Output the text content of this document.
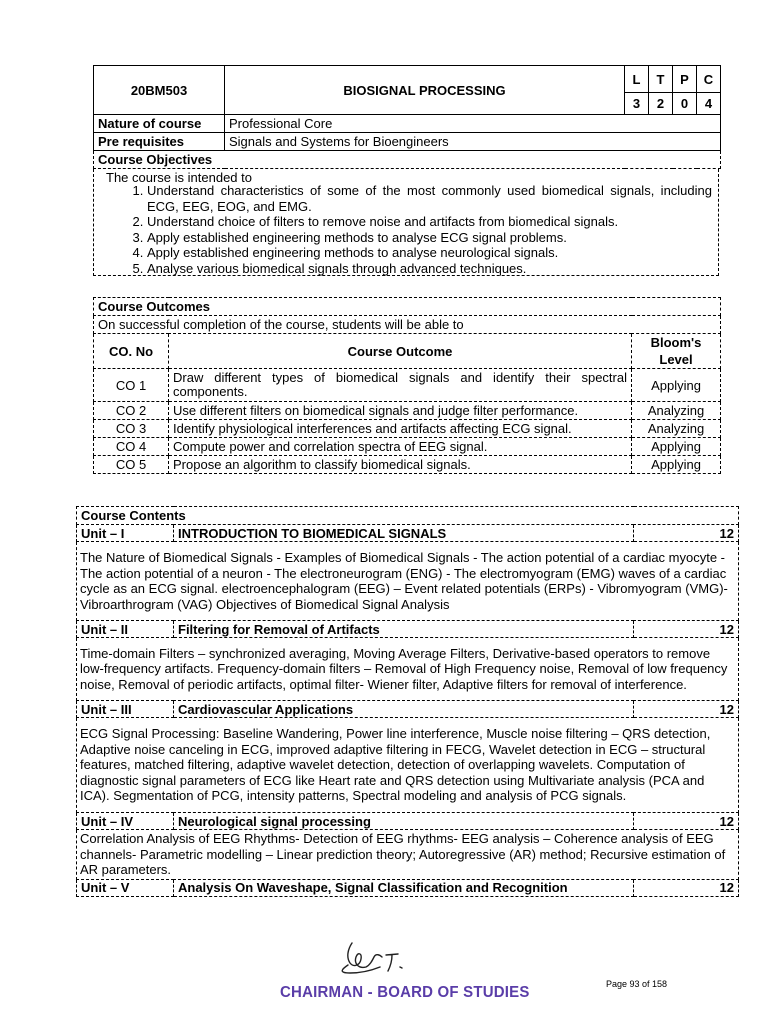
20BM503	BIOSIGNAL PROCESSING	L	T	P	C
		3	2	0	4
Nature of course	Professional Core				
Pre requisites	Signals and Systems for Bioengineers				
Course Objectives					
The course is intended to
1. Understand characteristics of some of the most commonly used biomedical signals, including ECG, EEG, EOG, and EMG.
2. Understand choice of filters to remove noise and artifacts from biomedical signals.
3. Apply established engineering methods to analyse ECG signal problems.
4. Apply established engineering methods to analyse neurological signals.
5. Analyse various biomedical signals through advanced techniques.
Course Outcomes		
On successful completion of the course, students will be able to		
CO. No	Course Outcome	Bloom's Level
CO 1	Draw different types of biomedical signals and identify their spectral components.	Applying
CO 2	Use different filters on biomedical signals and judge filter performance.	Analyzing
CO 3	Identify physiological interferences and artifacts affecting ECG signal.	Analyzing
CO 4	Compute power and correlation spectra of EEG signal.	Applying
CO 5	Propose an algorithm to classify biomedical signals.	Applying
Course Contents		
Unit – I	INTRODUCTION TO BIOMEDICAL SIGNALS	12
The Nature of Biomedical Signals - Examples of Biomedical Signals - The action potential of a cardiac myocyte - The action potential of a neuron - The electroneurogram (ENG) - The electromyogram (EMG) waves of a cardiac cycle as an ECG signal. electroencephalogram (EEG) – Event related potentials (ERPs) - Vibromyogram (VMG)- Vibroarthrogram (VAG) Objectives of Biomedical Signal Analysis		
Unit – II	Filtering for Removal of Artifacts	12
Time-domain Filters – synchronized averaging, Moving Average Filters, Derivative-based operators to remove low-frequency artifacts. Frequency-domain filters – Removal of High Frequency noise, Removal of low frequency noise, Removal of periodic artifacts, optimal filter- Wiener filter, Adaptive filters for removal of interference.		
Unit – III	Cardiovascular Applications	12
ECG Signal Processing: Baseline Wandering, Power line interference, Muscle noise filtering – QRS detection, Adaptive noise canceling in ECG, improved adaptive filtering in FECG, Wavelet detection in ECG – structural features, matched filtering, adaptive wavelet detection, detection of overlapping wavelets. Computation of diagnostic signal parameters of ECG like Heart rate and QRS detection using Multivariate analysis (PCA and ICA). Segmentation of PCG, intensity patterns, Spectral modeling and analysis of PCG signals.		
Unit – IV	Neurological signal processing	12
Correlation Analysis of EEG Rhythms- Detection of EEG rhythms- EEG analysis – Coherence analysis of EEG channels- Parametric modelling – Linear prediction theory; Autoregressive (AR) method; Recursive estimation of AR parameters.		
Unit – V	Analysis On Waveshape, Signal Classification and Recognition	12
CHAIRMAN - BOARD OF STUDIES	Page 93 of 158
